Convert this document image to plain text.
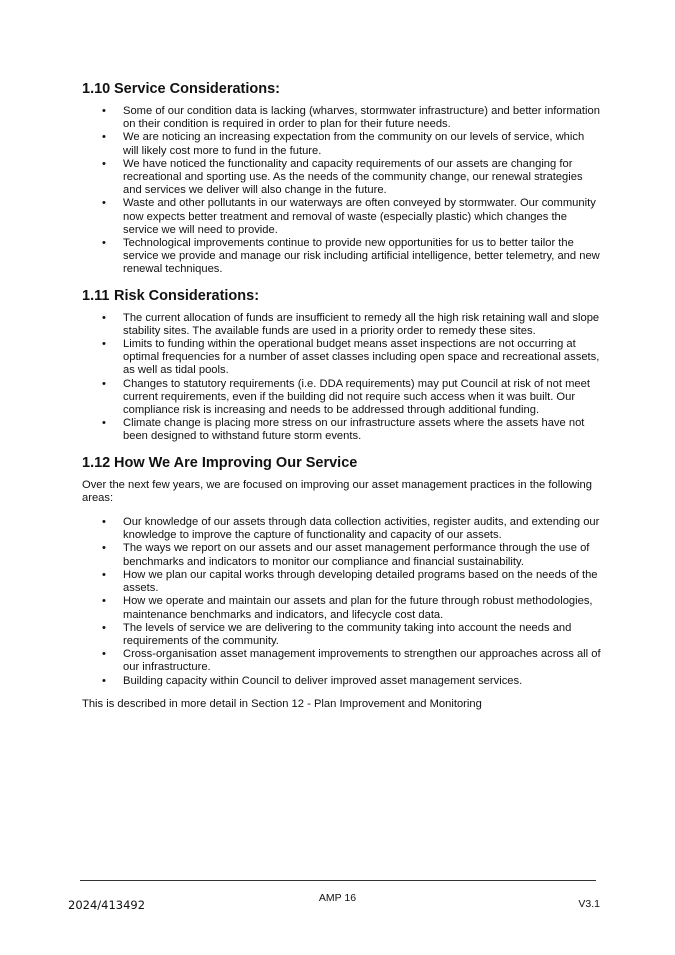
1.10 Service Considerations:
• Some of our condition data is lacking (wharves, stormwater infrastructure) and better information on their condition is required in order to plan for their future needs.
• We are noticing an increasing expectation from the community on our levels of service, which will likely cost more to fund in the future.
• We have noticed the functionality and capacity requirements of our assets are changing for recreational and sporting use. As the needs of the community change, our renewal strategies and services we deliver will also change in the future.
• Waste and other pollutants in our waterways are often conveyed by stormwater. Our community now expects better treatment and removal of waste (especially plastic) which changes the service we will need to provide.
• Technological improvements continue to provide new opportunities for us to better tailor the service we provide and manage our risk including artificial intelligence, better telemetry, and new renewal techniques.
1.11 Risk Considerations:
• The current allocation of funds are insufficient to remedy all the high risk retaining wall and slope stability sites. The available funds are used in a priority order to remedy these sites.
• Limits to funding within the operational budget means asset inspections are not occurring at optimal frequencies for a number of asset classes including open space and recreational assets, as well as tidal pools.
• Changes to statutory requirements (i.e. DDA requirements) may put Council at risk of not meet current requirements, even if the building did not require such access when it was built. Our compliance risk is increasing and needs to be addressed through additional funding.
• Climate change is placing more stress on our infrastructure assets where the assets have not been designed to withstand future storm events.
1.12 How We Are Improving Our Service

Over the next few years, we are focused on improving our asset management practices in the following areas:

• Our knowledge of our assets through data collection activities, register audits, and extending our knowledge to improve the capture of functionality and capacity of our assets.
• The ways we report on our assets and our asset management performance through the use of benchmarks and indicators to monitor our compliance and financial sustainability.
• How we plan our capital works through developing detailed programs based on the needs of the assets.
• How we operate and maintain our assets and plan for the future through robust methodologies, maintenance benchmarks and indicators, and lifecycle cost data.
• The levels of service we are delivering to the community taking into account the needs and requirements of the community.
• Cross-organisation asset management improvements to strengthen our approaches across all of our infrastructure.
• Building capacity within Council to deliver improved asset management services.

This is described in more detail in Section 12 - Plan Improvement and Monitoring

AMP 16
2024/413492	V3.1
